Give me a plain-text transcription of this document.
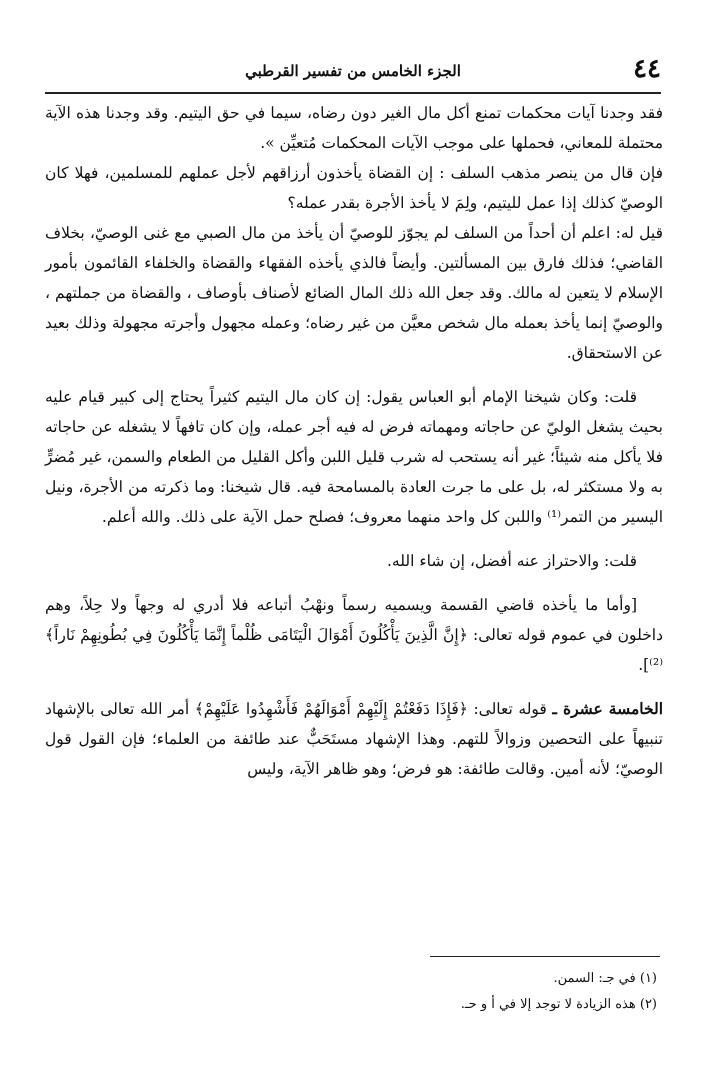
٤٤
الجزء الخامس من تفسير القرطبي

فقد وجدنا آيات محكمات تمنع أكل مال الغير دون رضاه، سيما في حق اليتيم. وقد وجدنا هذه الآية محتملة للمعاني، فحملها على موجب الآيات المحكمات مُتعيِّن ».

فإن قال من ينصر مذهب السلف : إن القضاة يأخذون أرزاقهم لأجل عملهم للمسلمين، فهلا كان الوصيّ كذلك إذا عمل لليتيم، ولِمَ لا يأخذ الأجرة بقدر عمله؟

قيل له: اعلم أن أحداً من السلف لم يجوّز للوصيّ أن يأخذ من مال الصبي مع غنى الوصيّ، بخلاف القاضي؛ فذلك فارق بين المسألتين. وأيضاً فالذي يأخذه الفقهاء والقضاة والخلفاء القائمون بأمور الإسلام لا يتعين له مالك. وقد جعل الله ذلك المال الضائع لأصناف بأوصاف ، والقضاة من جملتهم ، والوصيّ إنما يأخذ بعمله مال شخص معيَّن من غير رضاه؛ وعمله مجهول وأجرته مجهولة وذلك بعيد عن الاستحقاق.

قلت: وكان شيخنا الإمام أبو العباس يقول: إن كان مال اليتيم كثيراً يحتاج إلى كبير قيام عليه بحيث يشغل الوليّ عن حاجاته ومهماته فرض له فيه أجر عمله، وإن كان تافهاً لا يشغله عن حاجاته فلا يأكل منه شيئاً؛ غير أنه يستحب له شرب قليل اللبن وأكل القليل من الطعام والسمن، غير مُضرٍّ به ولا مستكثر له، بل على ما جرت العادة بالمسامحة فيه. قال شيخنا: وما ذكرته من الأجرة، ونيل اليسير من التمر⁽¹⁾ واللبن كل واحد منهما معروف؛ فصلح حمل الآية على ذلك. والله أعلم.

قلت: والاحتراز عنه أفضل، إن شاء الله.

[وأما ما يأخذه قاضي القسمة ويسميه رسماً ونهْبُ أتباعه فلا أدري له وجهاً ولا حِلاً، وهم داخلون في عموم قوله تعالى: ﴿إِنَّ الَّذِينَ يَأْكُلُونَ أَمْوَالَ الْيَتَامَى ظُلْماً إِنَّمَا يَأْكُلُونَ فِي بُطُونِهِمْ نَاراً﴾⁽²⁾].

الخامسة عشرة ـ قوله تعالى: ﴿فَإِذَا دَفَعْتُمْ إِلَيْهِمْ أَمْوَالَهُمْ فَأَشْهِدُوا عَلَيْهِمْ﴾ أمر الله تعالى بالإشهاد تنبيهاً على التحصين وزوالاً للتهم. وهذا الإشهاد مستَحَبٌّ عند طائفة من العلماء؛ فإن القول قول الوصيّ؛ لأنه أمين. وقالت طائفة: هو فرض؛ وهو ظاهر الآية، وليس

(١) في جـ: السمن.

(٢) هذه الزيادة لا توجد إلا في أ و حـ.
